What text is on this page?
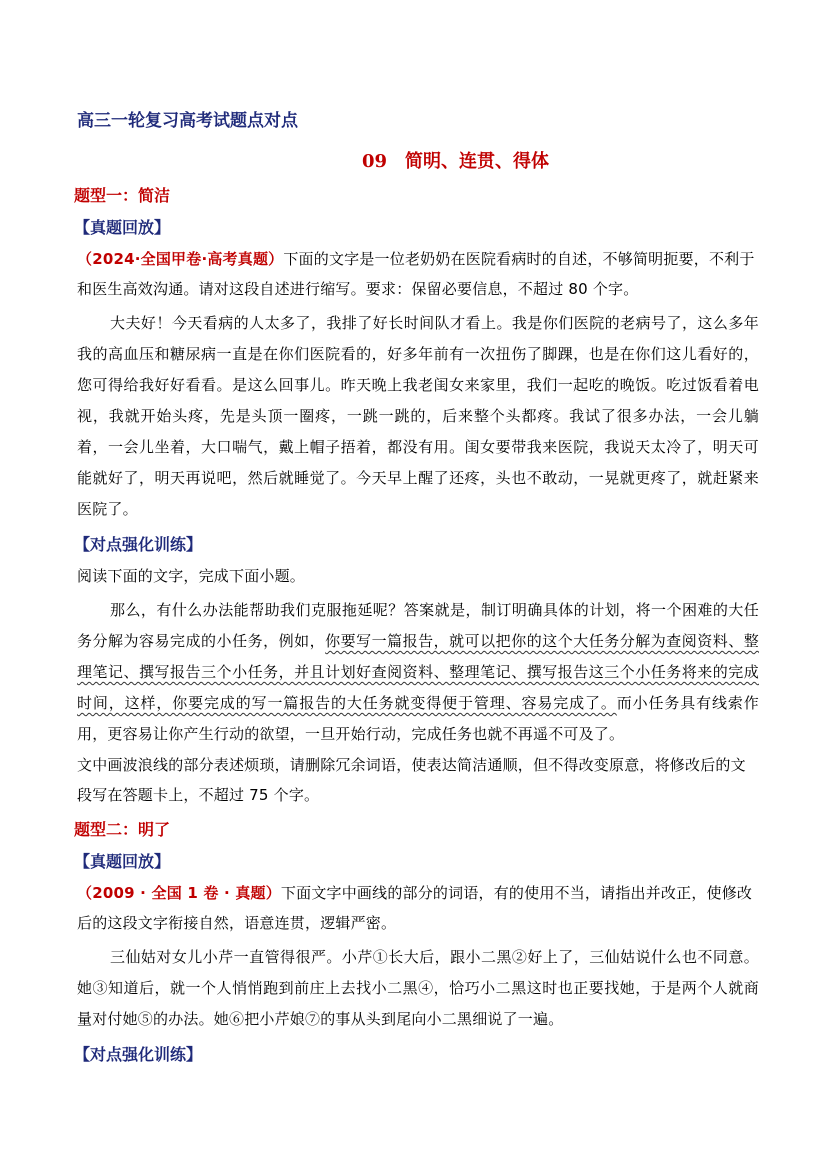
高三一轮复习高考试题点对点
09　简明、连贯、得体
题型一：简洁
【真题回放】
（2024·全国甲卷·高考真题）下面的文字是一位老奶奶在医院看病时的自述，不够简明扼要，不利于和医生高效沟通。请对这段自述进行缩写。要求：保留必要信息，不超过 80 个字。
大夫好！今天看病的人太多了，我排了好长时间队才看上。我是你们医院的老病号了，这么多年我的高血压和糖尿病一直是在你们医院看的，好多年前有一次扭伤了脚踝，也是在你们这儿看好的，您可得给我好好看看。是这么回事儿。昨天晚上我老闺女来家里，我们一起吃的晚饭。吃过饭看着电视，我就开始头疼，先是头顶一圈疼，一跳一跳的，后来整个头都疼。我试了很多办法，一会儿躺着，一会儿坐着，大口喘气，戴上帽子捂着，都没有用。闺女要带我来医院，我说天太冷了，明天可能就好了，明天再说吧，然后就睡觉了。今天早上醒了还疼，头也不敢动，一晃就更疼了，就赶紧来医院了。
【对点强化训练】
阅读下面的文字，完成下面小题。
那么，有什么办法能帮助我们克服拖延呢？答案就是，制订明确具体的计划，将一个困难的大任务分解为容易完成的小任务，例如，你要写一篇报告，就可以把你的这个大任务分解为查阅资料、整理笔记、撰写报告三个小任务，并且计划好查阅资料、整理笔记、撰写报告这三个小任务将来的完成时间，这样，你要完成的写一篇报告的大任务就变得便于管理、容易完成了。而小任务具有线索作用，更容易让你产生行动的欲望，一旦开始行动，完成任务也就不再遥不可及了。
文中画波浪线的部分表述烦琐，请删除冗余词语，使表达简洁通顺，但不得改变原意，将修改后的文段写在答题卡上，不超过 75 个字。
题型二：明了
【真题回放】
（2009 · 全国 1 卷 · 真题）下面文字中画线的部分的词语，有的使用不当，请指出并改正，使修改后的这段文字衔接自然，语意连贯，逻辑严密。
三仙姑对女儿小芹一直管得很严。小芹①长大后，跟小二黑②好上了，三仙姑说什么也不同意。她③知道后，就一个人悄悄跑到前庄上去找小二黑④，恰巧小二黑这时也正要找她，于是两个人就商量对付她⑤的办法。她⑥把小芹娘⑦的事从头到尾向小二黑细说了一遍。
【对点强化训练】
